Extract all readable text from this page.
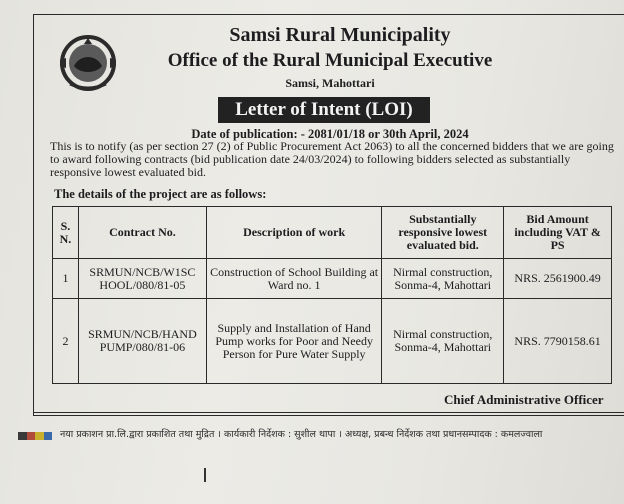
Samsi Rural Municipality
Office of the Rural Municipal Executive
Samsi, Mahottari
Letter of Intent (LOI)
Date of publication: - 2081/01/18 or 30th April, 2024
This is to notify (as per section 27 (2) of Public Procurement Act 2063) to all the concerned bidders that we are going to award following contracts (bid publication date 24/03/2024) to following bidders selected as substantially responsive lowest evaluated bid.
The details of the project are as follows:
S. N.	Contract No.	Description of work	Substantially responsive lowest evaluated bid.	Bid Amount including VAT & PS
1	SRMUN/NCB/W1SC HOOL/080/81-05	Construction of School Building at Ward no. 1	Nirmal construction, Sonma-4, Mahottari	NRS. 2561900.49
2	SRMUN/NCB/HAND PUMP/080/81-06	Supply and Installation of Hand Pump works for Poor and Needy Person for Pure Water Supply	Nirmal construction, Sonma-4, Mahottari	NRS. 7790158.61
Chief Administrative Officer
नया प्रकाशन प्रा.लि.द्वारा प्रकाशित तथा मुद्रित । कार्यकारी निर्देशक : सुशील थापा । अध्यक्ष, प्रबन्ध निर्देशक तथा प्रधानसम्पादक : कमलज्वाला
